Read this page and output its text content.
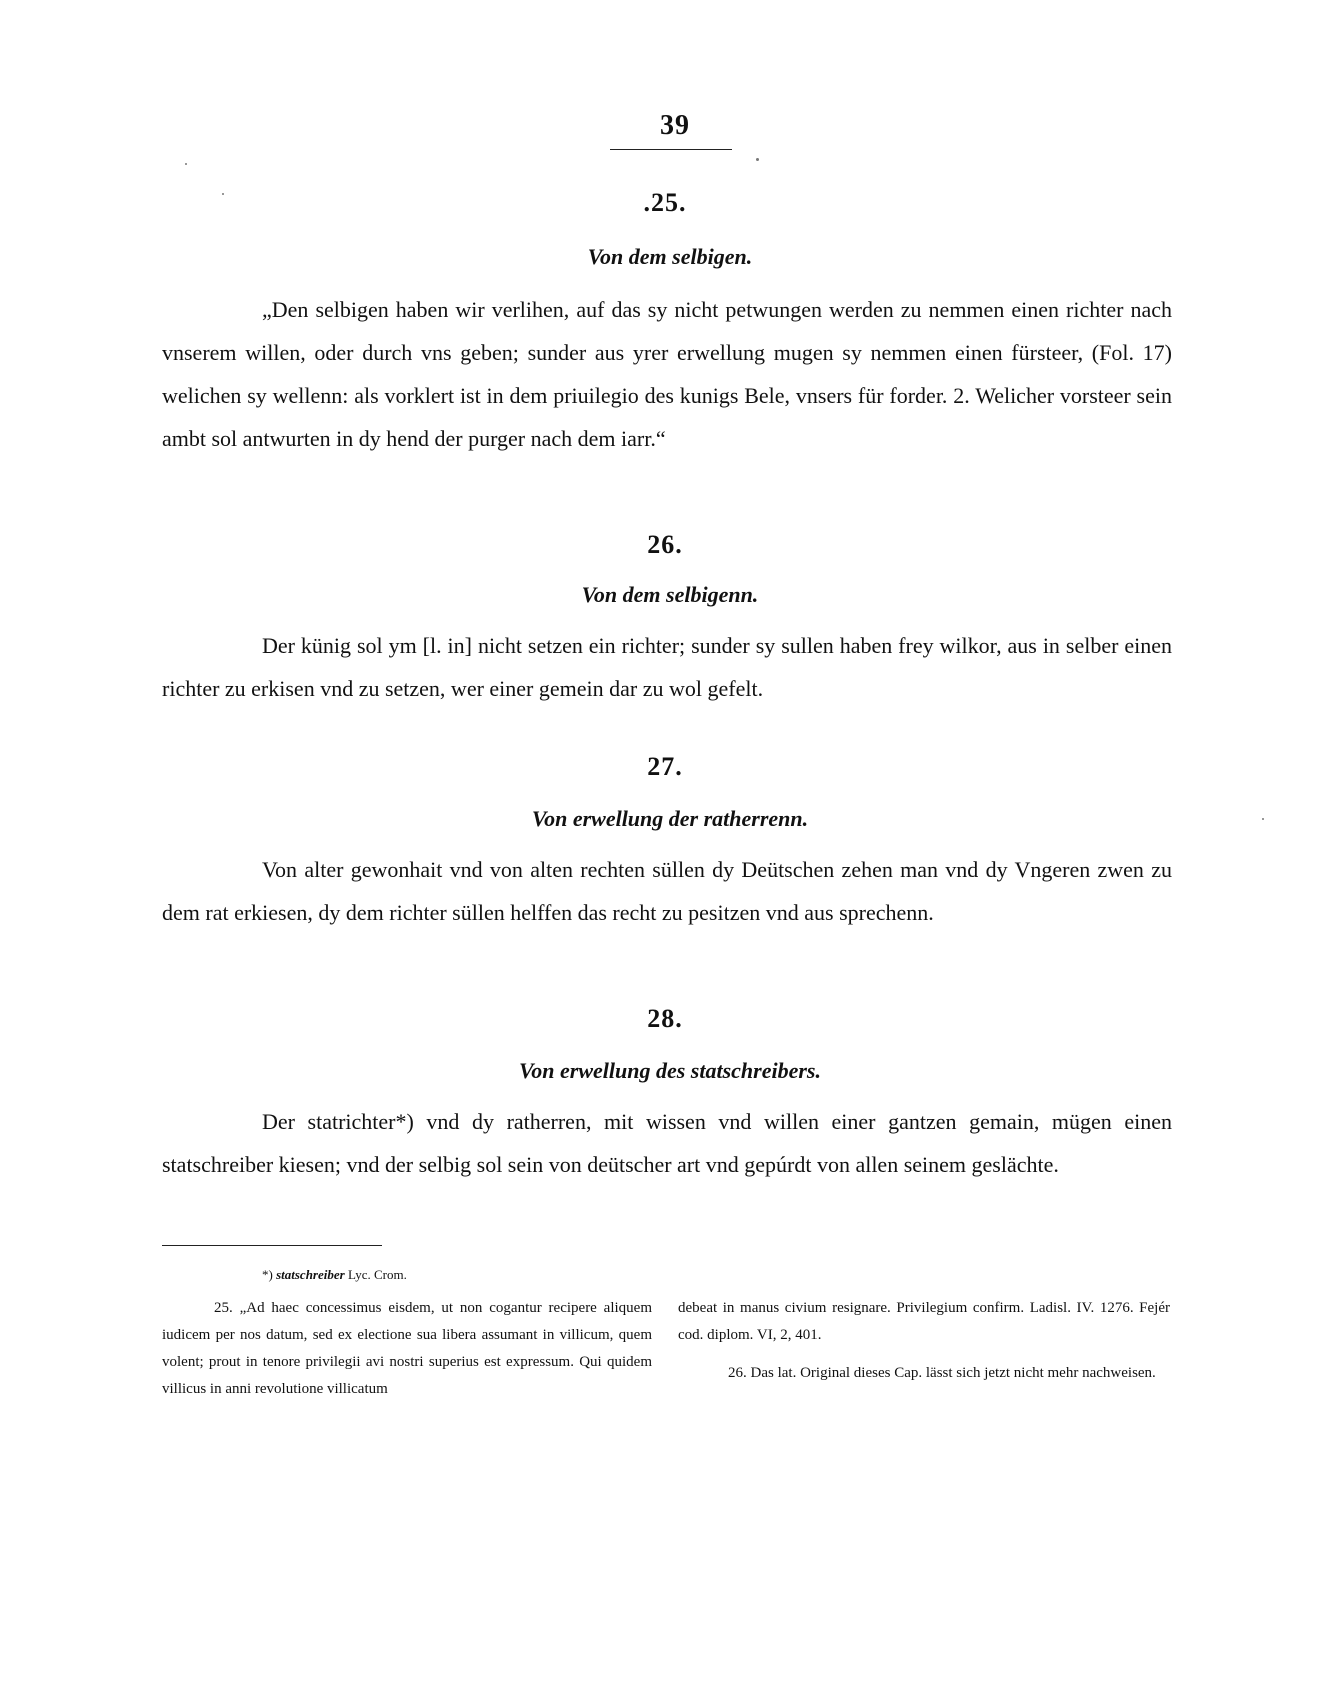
39
.25.
Von dem selbigen.

„Den selbigen haben wir verlihen, auf das sy nicht petwungen werden zu nemmen einen richter nach vnserem willen, oder durch vns geben; sunder aus yrer erwellung mugen sy nemmen einen fürsteer, (Fol. 17) welichen sy wellenn: als vorklert ist in dem priuilegio des kunigs Bele, vnsers für forder. 2. Welicher vorsteer sein ambt sol antwurten in dy hend der purger nach dem iarr.“

26.
Von dem selbigenn.

Der künig sol ym [l. in] nicht setzen ein richter; sunder sy sullen haben frey wilkor, aus in selber einen richter zu erkisen vnd zu setzen, wer einer gemein dar zu wol gefelt.

27.
Von erwellung der ratherrenn.

Von alter gewonhait vnd von alten rechten süllen dy Deütschen zehen man vnd dy Vngeren zwen zu dem rat erkiesen, dy dem richter süllen helffen das recht zu pesitzen vnd aus sprechenn.

28.
Von erwellung des statschreibers.

Der statrichter*) vnd dy ratherren, mit wissen vnd willen einer gantzen gemain, mügen einen statschreiber kiesen; vnd der selbig sol sein von deütscher art vnd gepúrdt von allen seinem geslächte.

*) statschreiber Lyc. Crom.

25. „Ad haec concessimus eisdem, ut non cogantur recipere aliquem iudicem per nos datum, sed ex electione sua libera assumant in villicum, quem volent; prout in tenore privilegii avi nostri superius est expressum. Qui quidem villicus in anni revolutione villicatum

debeat in manus civium resignare. Privilegium confirm. Ladisl. IV. 1276. Fejér cod. diplom. VI, 2, 401.
26. Das lat. Original dieses Cap. lässt sich jetzt nicht mehr nachweisen.
